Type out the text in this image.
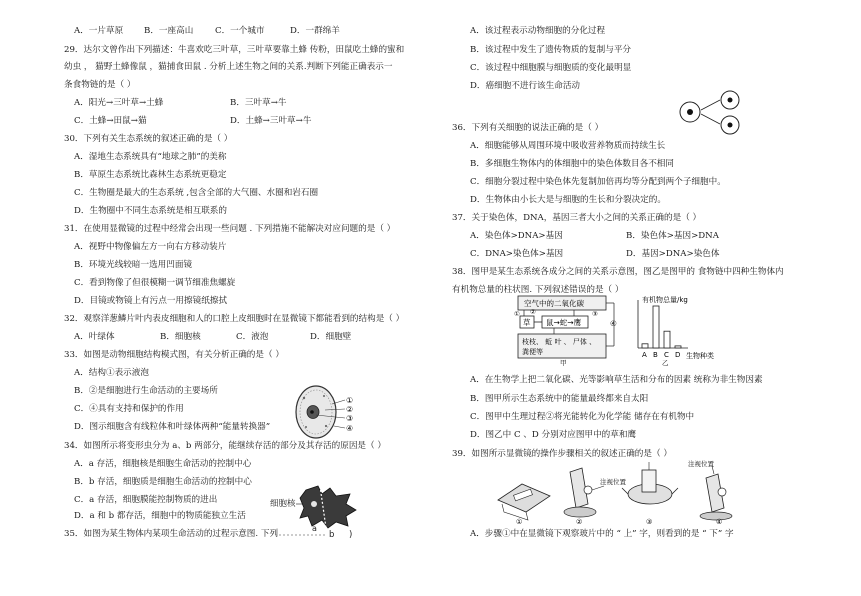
A．一片草原 B．一座高山	C．一个城市	D．一群绵羊
29．达尔文曾作出下列描述：牛喜欢吃三叶草，三叶草要靠土蜂 传粉，田鼠吃土蜂的蜜和
幼虫 ， 猫野土蜂像鼠 ，猫捕食田鼠 . 分析上述生物之间的关系.判断下列能正确表示一
条食物链的是（ ）
A．阳光→三叶草→土蜂	B．三叶草→牛
C．土蜂→田鼠→猫	D．土蜂→三叶草→牛
30．下列有关生态系统的叙述正确的是（ ）
A．湿地生态系统具有“地球之肺”的美称
B．草原生态系统比森林生态系统更稳定
C．生物圈是最大的生态系统 ,包含全部的大气圈、水圈和岩石圈
D．生物圈中不同生态系统是相互联系的
31．在使用显微镜的过程中经常会出现一些问题 . 下列措施不能解决对应问题的是（ ）
A．视野中物像偏左方一向右方移动装片
B．环境光线较暗一选用凹面镜
C．看到物像了但很模糊一调节细准焦螺旋
D．目镜或物镜上有污点一用擦镜纸擦拭
32．观察洋葱鳞片叶内表皮细胞和人的口腔上皮细胞时在显微镜下都能看到的结构是（ ）
A．叶绿体	B．细胞核	C．液泡	D．细胞壁
33．如图是动物细胞结构模式图，有关分析正确的是（ ）
A．结构①表示液泡
B．②是细胞进行生命活动的主要场所
C．④具有支持和保护的作用
D．图示细胞含有线粒体和叶绿体两种“能量转换器”
①
②
③
④
34．如图所示将变形虫分为 a、b 两部分，能继续存活的部分及其存活的原因是（ ）
A．a 存活，细胞核是细胞生命活动的控制中心
B．b 存活，细胞质是细胞生命活动的控制中心
C．a 存活，细胞膜能控制物质的进出
D．a 和 b 都存活，细胞中的物质能独立生活
细胞核
a
35．如图为某生物体内某项生命活动的过程示意图. 下列	b )
A．该过程表示动物细胞的分化过程
B．该过程中发生了遗传物质的复制与平分
C．该过程中细胞膜与细胞质的变化最明显
D．癌细胞不进行该生命活动
36．下列有关细胞的说法正确的是（ ）
A．细胞能够从周围环境中吸收营养物质而持续生长
B．多细胞生物体内的体细胞中的染色体数目各不相同
C．细胞分裂过程中染色体先复制加倍再均等分配到两个子细胞中。
D．生物体由小长大是与细胞的生长和分裂决定的。
37．关于染色体，DNA，基因三者大小之间的关系正确的是（ ）
A．染色体>DNA>基因	B．染色体>基因>DNA
C．DNA>染色体>基因	D．基因>DNA>染色体
38．图甲是某生态系统各成分之间的关系示意图，图乙是图甲的 食物链中四种生物体内
有机物总量的柱状图. 下列叙述错误的是（ ）
空气中的二氧化碳
草 鼠→蛇→鹰
① ②	③
④
枝枝、 蚯 叶 、 尸体 、
粪便等
甲
有机物总量/kg
A B C D 生物种类
乙
A．在生物学上把二氧化碳、光等影响草生活和分布的因素 统称为非生物因素
B．图甲所示生态系统中的能量最终都来自太阳
C．图甲中生理过程②将光能转化为化学能 储存在有机物中
D．图乙中 C 、D 分别对应图甲中的草和鹰
39．如图所示显微镜的操作步骤相关的叙述正确的是（ ）
①
注视位置
②	③
注视位置
④
A．步骤①中在显微镜下观察玻片中的 “ 上” 字，则看到的是 “ 下” 字
